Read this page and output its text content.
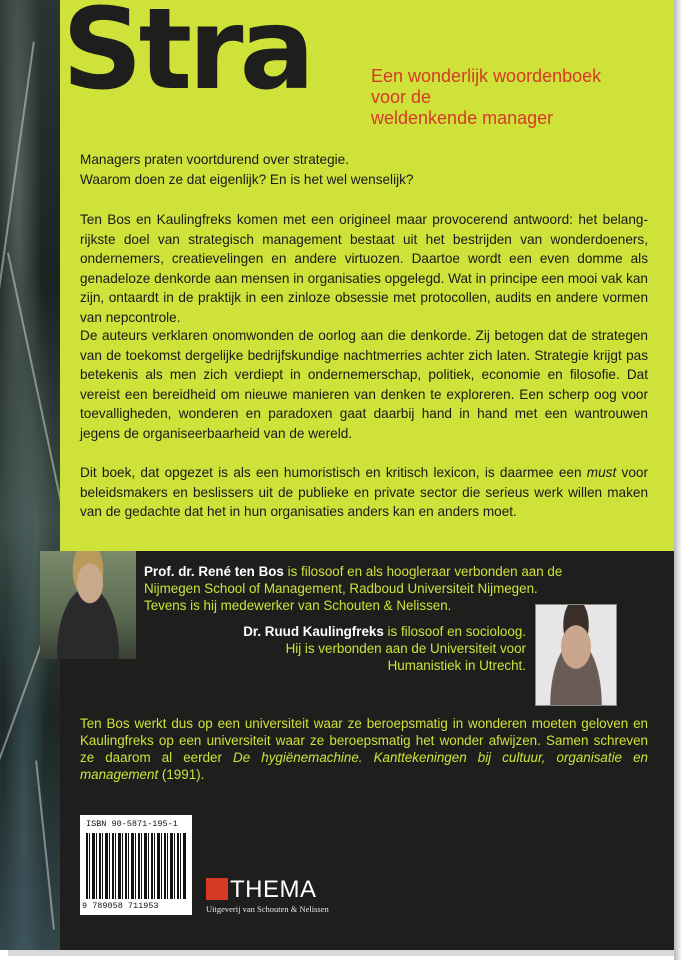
Stra	Een wonderlijk woordenboek
voor de
weldenkende manager
Managers praten voortdurend over strategie.
Waarom doen ze dat eigenlijk? En is het wel wenselijk?
Ten Bos en Kaulingfreks komen met een origineel maar provocerend antwoord: het belangrijkste doel van strategisch management bestaat uit het bestrijden van wonderdoeners, ondernemers, creatievelingen en andere virtuozen. Daartoe wordt een even domme als genadeloze denkorde aan mensen in organisaties opgelegd. Wat in principe een mooi vak kan zijn, ontaardt in de praktijk in een zinloze obsessie met protocollen, audits en andere vormen van nepcontrole.
De auteurs verklaren onomwonden de oorlog aan die denkorde. Zij betogen dat de strategen van de toekomst dergelijke bedrijfskundige nachtmerries achter zich laten. Strategie krijgt pas betekenis als men zich verdiept in ondernemerschap, politiek, economie en filosofie. Dat vereist een bereidheid om nieuwe manieren van denken te exploreren. Een scherp oog voor toevalligheden, wonderen en paradoxen gaat daarbij hand in hand met een wantrouwen jegens de organiseerbaarheid van de wereld.
Dit boek, dat opgezet is als een humoristisch en kritisch lexicon, is daarmee een must voor beleidsmakers en beslissers uit de publieke en private sector die serieus werk willen maken van de gedachte dat het in hun organisaties anders kan en anders moet.
Prof. dr. René ten Bos is filosoof en als hoogleraar verbonden aan de Nijmegen School of Management, Radboud Universiteit Nijmegen. Tevens is hij medewerker van Schouten & Nelissen.
Dr. Ruud Kaulingfreks is filosoof en socioloog. Hij is verbonden aan de Universiteit voor Humanistiek in Utrecht.
Ten Bos werkt dus op een universiteit waar ze beroepsmatig in wonderen moeten geloven en Kaulingfreks op een universiteit waar ze beroepsmatig het wonder afwijzen. Samen schreven ze daarom al eerder De hygiënemachine. Kanttekeningen bij cultuur, organisatie en management (1991).
ISBN 90-5871-195-1
9 789058 711953
THEMA
Uitgeverij van Schouten & Nelissen
